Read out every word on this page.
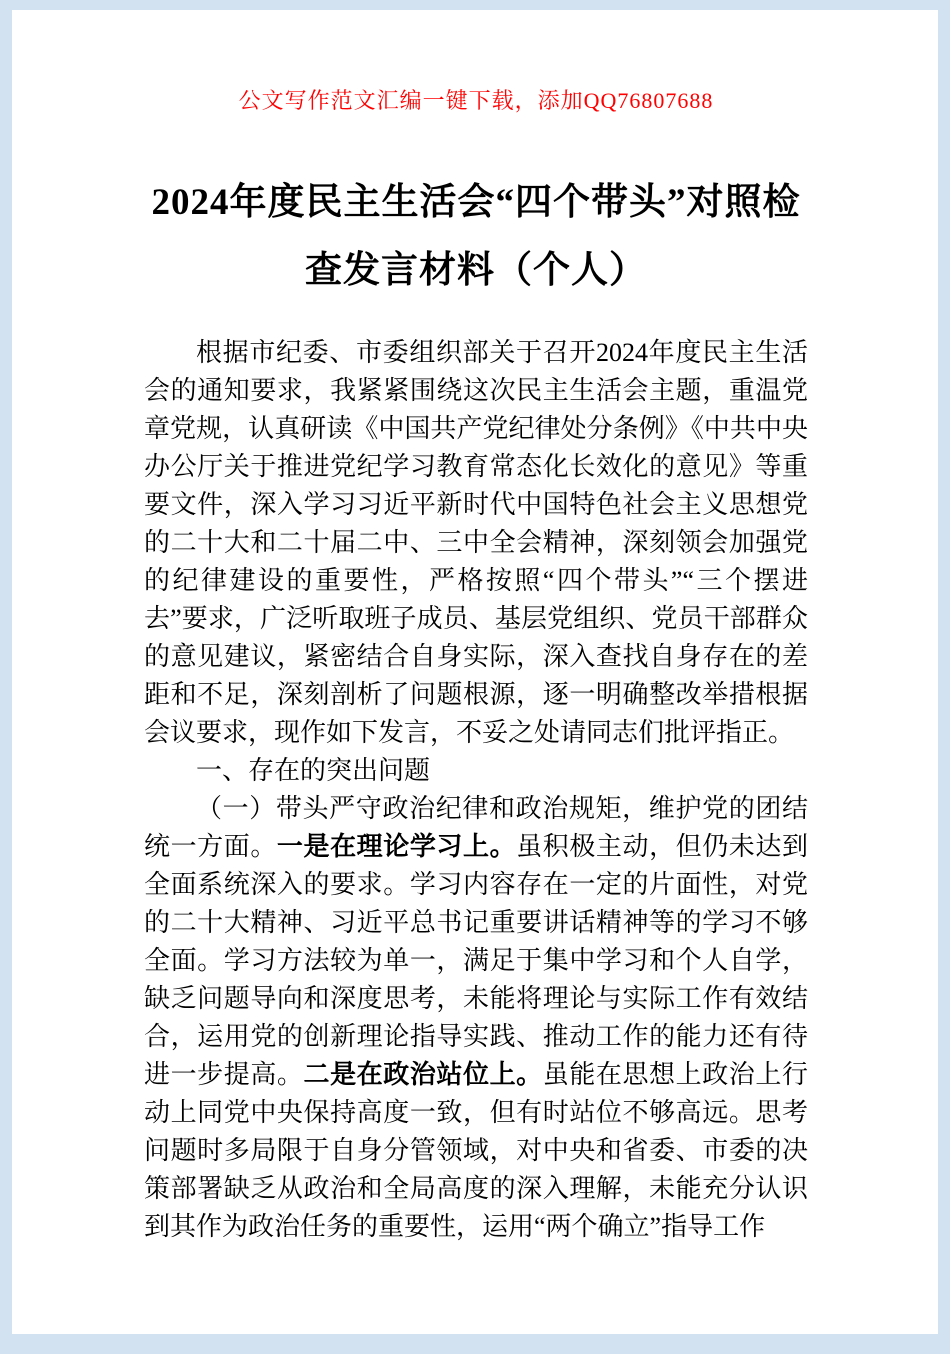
公文写作范文汇编一键下载，添加QQ76807688
2024年度民主生活会“四个带头”对照检查发言材料（个人）

根据市纪委、市委组织部关于召开2024年度民主生活会的通知要求，我紧紧围绕这次民主生活会主题，重温党章党规，认真研读《中国共产党纪律处分条例》《中共中央办公厅关于推进党纪学习教育常态化长效化的意见》等重要文件，深入学习习近平新时代中国特色社会主义思想党的二十大和二十届二中、三中全会精神，深刻领会加强党的纪律建设的重要性，严格按照“四个带头”“三个摆进去”要求，广泛听取班子成员、基层党组织、党员干部群众的意见建议，紧密结合自身实际，深入查找自身存在的差距和不足，深刻剖析了问题根源，逐一明确整改举措根据会议要求，现作如下发言，不妥之处请同志们批评指正。

一、存在的突出问题

（一）带头严守政治纪律和政治规矩，维护党的团结统一方面。一是在理论学习上。虽积极主动，但仍未达到全面系统深入的要求。学习内容存在一定的片面性，对党的二十大精神、习近平总书记重要讲话精神等的学习不够全面。学习方法较为单一，满足于集中学习和个人自学，缺乏问题导向和深度思考，未能将理论与实际工作有效结合，运用党的创新理论指导实践、推动工作的能力还有待进一步提高。二是在政治站位上。虽能在思想上政治上行动上同党中央保持高度一致，但有时站位不够高远。思考问题时多局限于自身分管领域，对中央和省委、市委的决策部署缺乏从政治和全局高度的深入理解，未能充分认识到其作为政治任务的重要性，运用“两个确立”指导工作
